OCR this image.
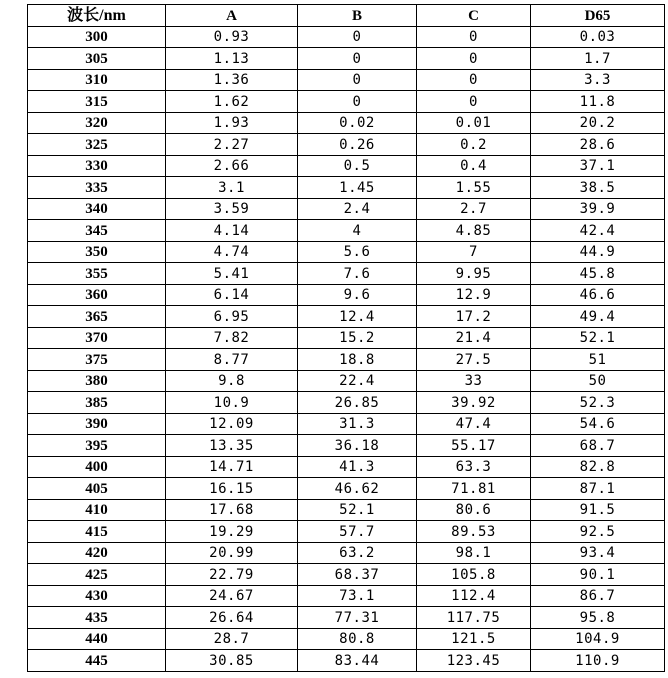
波长/nm	A	B	C	D65
300	0.93	0	0	0.03
305	1.13	0	0	1.7
310	1.36	0	0	3.3
315	1.62	0	0	11.8
320	1.93	0.02	0.01	20.2
325	2.27	0.26	0.2	28.6
330	2.66	0.5	0.4	37.1
335	3.1	1.45	1.55	38.5
340	3.59	2.4	2.7	39.9
345	4.14	4	4.85	42.4
350	4.74	5.6	7	44.9
355	5.41	7.6	9.95	45.8
360	6.14	9.6	12.9	46.6
365	6.95	12.4	17.2	49.4
370	7.82	15.2	21.4	52.1
375	8.77	18.8	27.5	51
380	9.8	22.4	33	50
385	10.9	26.85	39.92	52.3
390	12.09	31.3	47.4	54.6
395	13.35	36.18	55.17	68.7
400	14.71	41.3	63.3	82.8
405	16.15	46.62	71.81	87.1
410	17.68	52.1	80.6	91.5
415	19.29	57.7	89.53	92.5
420	20.99	63.2	98.1	93.4
425	22.79	68.37	105.8	90.1
430	24.67	73.1	112.4	86.7
435	26.64	77.31	117.75	95.8
440	28.7	80.8	121.5	104.9
445	30.85	83.44	123.45	110.9
